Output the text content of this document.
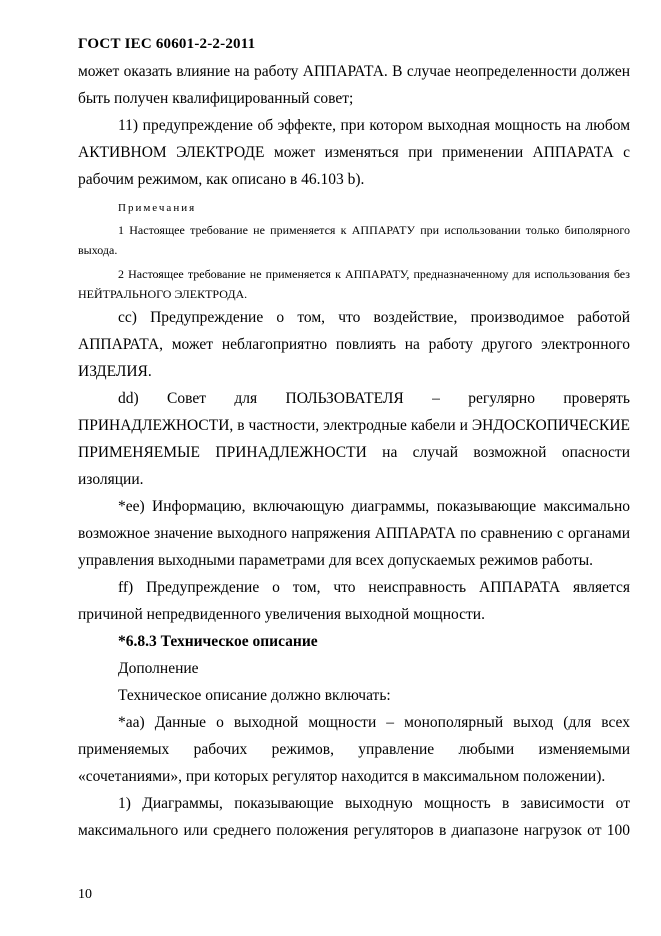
ГОСТ IEC 60601-2-2-2011

может оказать влияние на работу АППАРАТА. В случае неопределенности должен быть получен квалифицированный совет;

11) предупреждение об эффекте, при котором выходная мощность на любом АКТИВНОМ ЭЛЕКТРОДЕ может изменяться при применении АППАРАТА с рабочим режимом, как описано в 46.103 b).

Примечания

1 Настоящее требование не применяется к АППАРАТУ при использовании только биполярного выхода.

2 Настоящее требование не применяется к АППАРАТУ, предназначенному для использования без НЕЙТРАЛЬНОГО ЭЛЕКТРОДА.

cc) Предупреждение о том, что воздействие, производимое работой АППАРАТА, может неблагоприятно повлиять на работу другого электронного ИЗДЕЛИЯ.

dd) Совет для ПОЛЬЗОВАТЕЛЯ – регулярно проверять ПРИНАДЛЕЖНОСТИ, в частности, электродные кабели и ЭНДОСКОПИЧЕСКИЕ ПРИМЕНЯЕМЫЕ ПРИНАДЛЕЖНОСТИ на случай возможной опасности изоляции.

*ee) Информацию, включающую диаграммы, показывающие максимально возможное значение выходного напряжения АППАРАТА по сравнению с органами управления выходными параметрами для всех допускаемых режимов работы.

ff) Предупреждение о том, что неисправность АППАРАТА является причиной непредвиденного увеличения выходной мощности.

*6.8.3 Техническое описание

Дополнение

Техническое описание должно включать:

*aa) Данные о выходной мощности – монополярный выход (для всех применяемых рабочих режимов, управление любыми изменяемыми «сочетаниями», при которых регулятор находится в максимальном положении).

1) Диаграммы, показывающие выходную мощность в зависимости от максимального или среднего положения регуляторов в диапазоне нагрузок от 100

10
